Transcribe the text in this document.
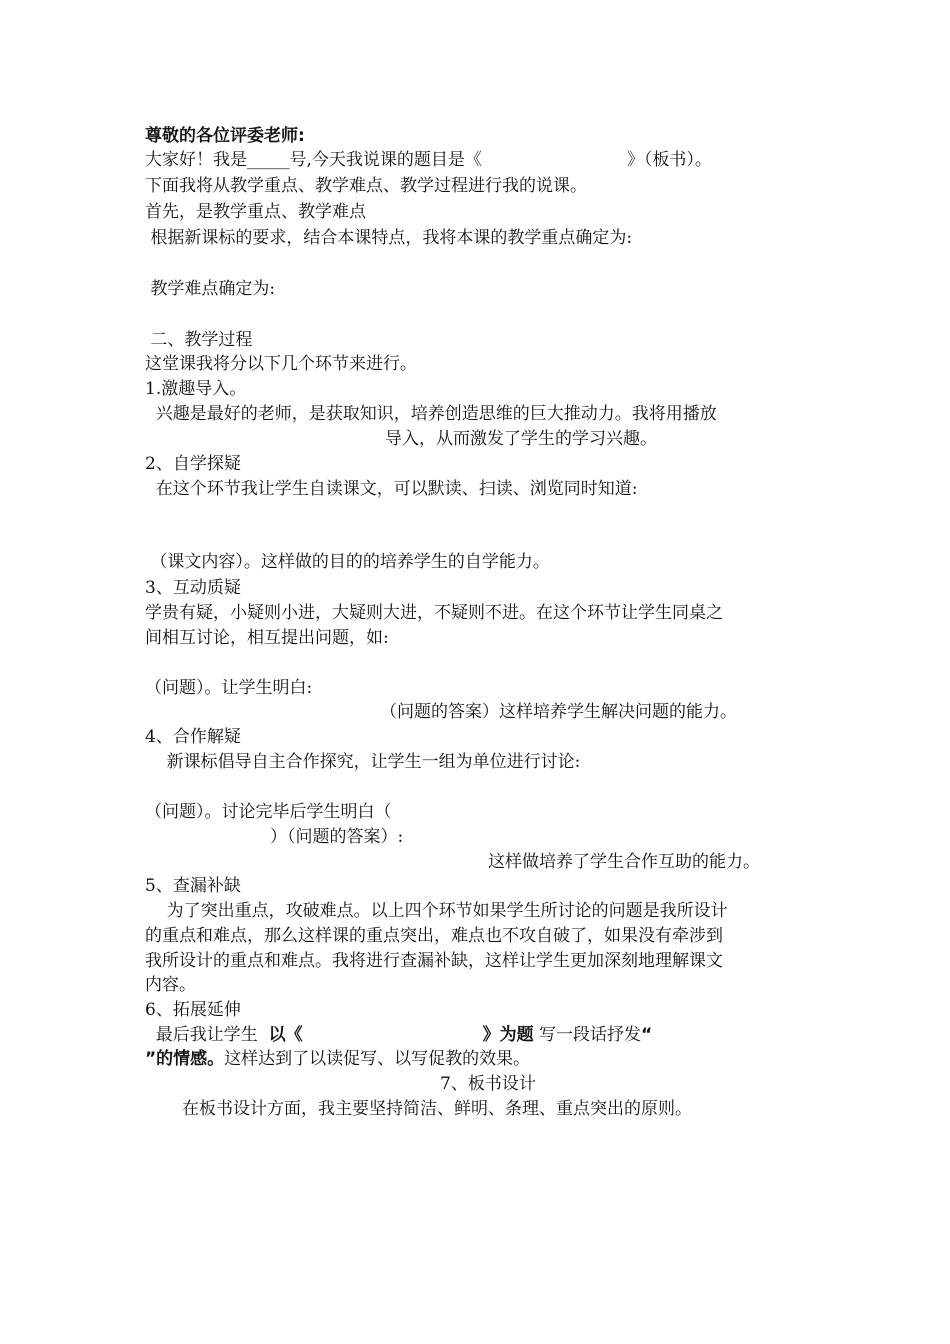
尊敬的各位评委老师:
大家好！我是_____号,今天我说课的题目是《	》（板书）。
下面我将从教学重点、教学难点、教学过程进行我的说课。
首先，是教学重点、教学难点
根据新课标的要求，结合本课特点，我将本课的教学重点确定为:
教学难点确定为:
二、教学过程
这堂课我将分以下几个环节来进行。
1.激趣导入。
兴趣是最好的老师，是获取知识，培养创造思维的巨大推动力。我将用播放
导入，从而激发了学生的学习兴趣。
2、自学探疑
在这个环节我让学生自读课文，可以默读、扫读、浏览同时知道:
（课文内容）。这样做的目的的培养学生的自学能力。
3、互动质疑
学贵有疑，小疑则小进，大疑则大进，不疑则不进。在这个环节让学生同桌之
间相互讨论，相互提出问题，如:
（问题）。让学生明白:
（问题的答案）这样培养学生解决问题的能力。
4、合作解疑
新课标倡导自主合作探究，让学生一组为单位进行讨论:
（问题）。讨论完毕后学生明白（
）（问题的答案）:
这样做培养了学生合作互助的能力。
5、查漏补缺
为了突出重点，攻破难点。以上四个环节如果学生所讨论的问题是我所设计
的重点和难点，那么这样课的重点突出，难点也不攻自破了，如果没有牵涉到
我所设计的重点和难点。我将进行查漏补缺，这样让学生更加深刻地理解课文
内容。
6、拓展延伸
最后我让学生  以《	》为题 写一段话抒发“
”的情感。这样达到了以读促写、以写促教的效果。
7、板书设计
在板书设计方面，我主要坚持简洁、鲜明、条理、重点突出的原则。
